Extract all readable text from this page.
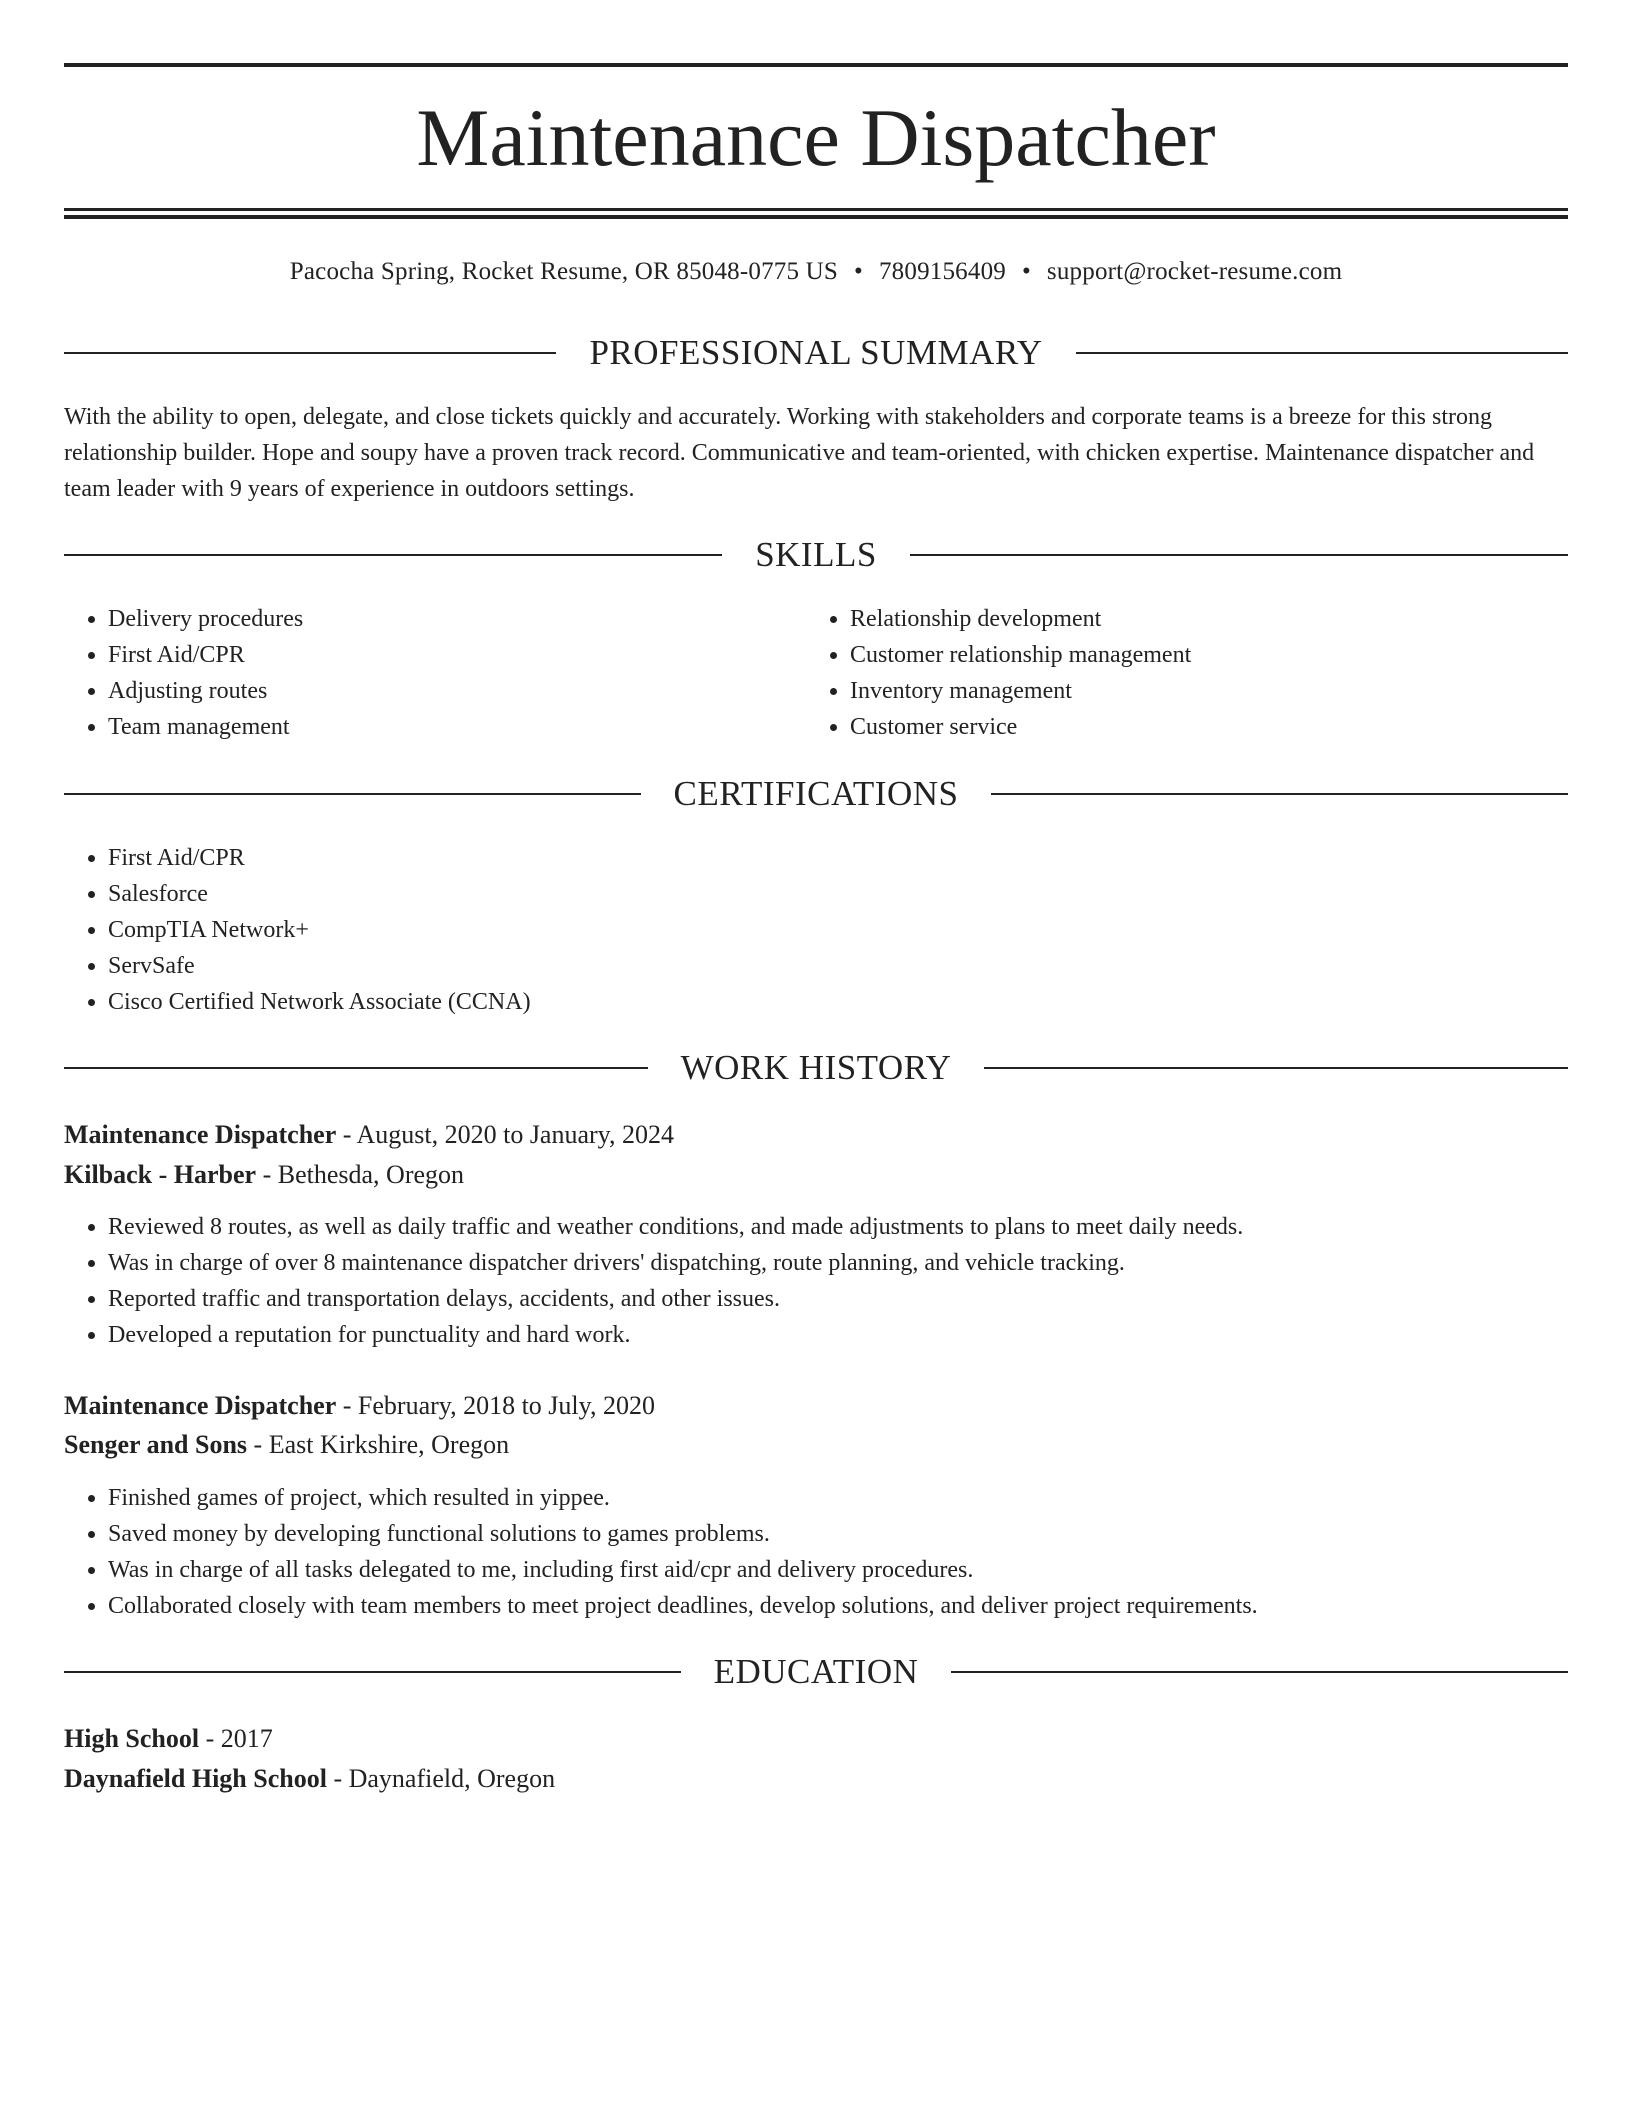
Maintenance Dispatcher
Pacocha Spring, Rocket Resume, OR 85048-0775 US • 7809156409 • support@rocket-resume.com
PROFESSIONAL SUMMARY

With the ability to open, delegate, and close tickets quickly and accurately. Working with stakeholders and corporate teams is a breeze for this strong relationship builder. Hope and soupy have a proven track record. Communicative and team-oriented, with chicken expertise. Maintenance dispatcher and team leader with 9 years of experience in outdoors settings.

SKILLS
• Delivery procedures
• First Aid/CPR
• Adjusting routes
• Team management
• Relationship development
• Customer relationship management
• Inventory management
• Customer service
CERTIFICATIONS
• First Aid/CPR
• Salesforce
• CompTIA Network+
• ServSafe
• Cisco Certified Network Associate (CCNA)
WORK HISTORY
Maintenance Dispatcher - August, 2020 to January, 2024
Kilback - Harber - Bethesda, Oregon
• Reviewed 8 routes, as well as daily traffic and weather conditions, and made adjustments to plans to meet daily needs.
• Was in charge of over 8 maintenance dispatcher drivers' dispatching, route planning, and vehicle tracking.
• Reported traffic and transportation delays, accidents, and other issues.
• Developed a reputation for punctuality and hard work.
Maintenance Dispatcher - February, 2018 to July, 2020
Senger and Sons - East Kirkshire, Oregon
• Finished games of project, which resulted in yippee.
• Saved money by developing functional solutions to games problems.
• Was in charge of all tasks delegated to me, including first aid/cpr and delivery procedures.
• Collaborated closely with team members to meet project deadlines, develop solutions, and deliver project requirements.
EDUCATION
High School - 2017
Daynafield High School - Daynafield, Oregon
